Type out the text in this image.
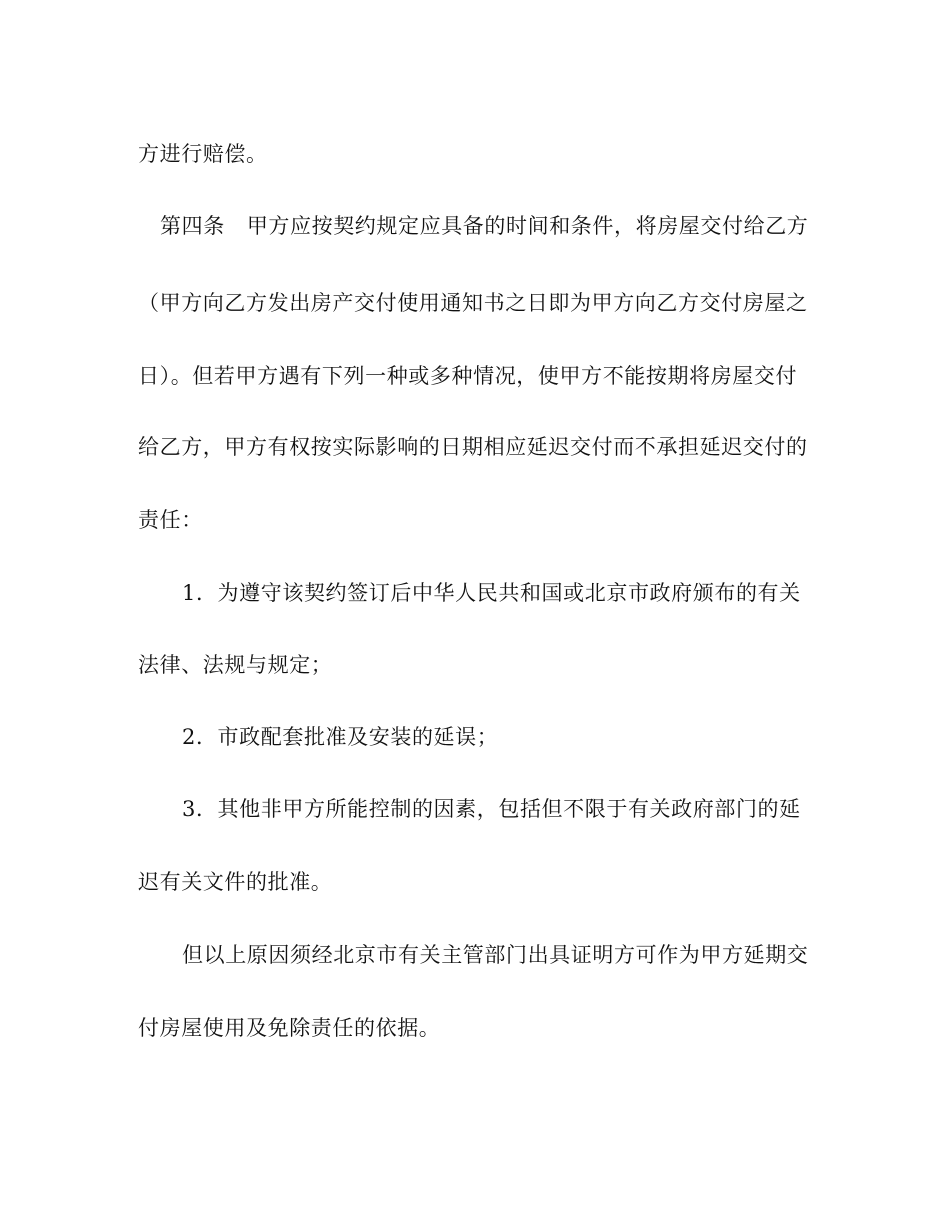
方进行赔偿。
第四条 甲方应按契约规定应具备的时间和条件，将房屋交付给乙方
（甲方向乙方发出房产交付使用通知书之日即为甲方向乙方交付房屋之
日）。但若甲方遇有下列一种或多种情况，使甲方不能按期将房屋交付
给乙方，甲方有权按实际影响的日期相应延迟交付而不承担延迟交付的
责任：
1．为遵守该契约签订后中华人民共和国或北京市政府颁布的有关
法律、法规与规定；
2．市政配套批准及安装的延误；
3．其他非甲方所能控制的因素，包括但不限于有关政府部门的延
迟有关文件的批准。
但以上原因须经北京市有关主管部门出具证明方可作为甲方延期交
付房屋使用及免除责任的依据。
